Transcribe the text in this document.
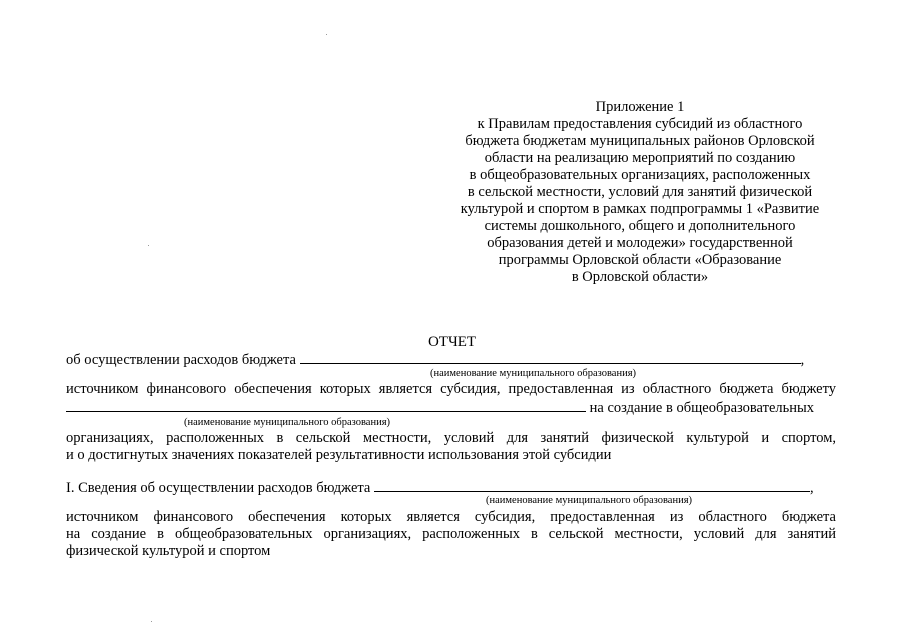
Приложение 1
к Правилам предоставления субсидий из областного
бюджета бюджетам муниципальных районов Орловской
области на реализацию мероприятий по созданию
в общеобразовательных организациях, расположенных
в сельской местности, условий для занятий физической
культурой и спортом в рамках подпрограммы 1 «Развитие
системы дошкольного, общего и дополнительного
образования детей и молодежи» государственной
программы Орловской области «Образование
в Орловской области»
ОТЧЕТ
об осуществлении расходов бюджета	,
(наименование муниципального образования)
источником финансового обеспечения которых является субсидия, предоставленная из областного бюджета бюджету
на создание в общеобразовательных
(наименование муниципального образования)
организациях, расположенных в сельской местности, условий для занятий физической культурой и спортом,
и о достигнутых значениях показателей результативности использования этой субсидии
I. Сведения об осуществлении расходов бюджета	,
(наименование муниципального образования)
источником финансового обеспечения которых является субсидия, предоставленная из областного бюджета
на создание в общеобразовательных организациях, расположенных в сельской местности, условий для занятий
физической культурой и спортом
